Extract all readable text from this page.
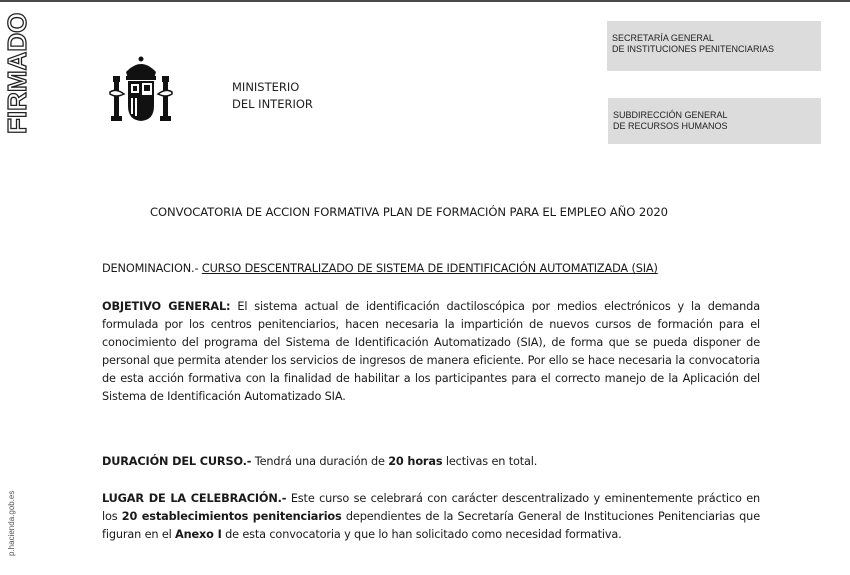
FIRMADO
p.hacienda.gob.es
MINISTERIO
DEL INTERIOR
SECRETARÍA GENERAL
DE INSTITUCIONES PENITENCIARIAS
SUBDIRECCIÓN GENERAL
DE RECURSOS HUMANOS
CONVOCATORIA DE ACCION FORMATIVA PLAN DE FORMACIÓN PARA EL EMPLEO AÑO 2020
DENOMINACION.- CURSO DESCENTRALIZADO DE SISTEMA DE IDENTIFICACIÓN AUTOMATIZADA (SIA)
OBJETIVO GENERAL: El sistema actual de identificación dactiloscópica por medios electrónicos y la demanda formulada por los centros penitenciarios, hacen necesaria la impartición de nuevos cursos de formación para el conocimiento del programa del Sistema de Identificación Automatizado (SIA), de forma que se pueda disponer de personal que permita atender los servicios de ingresos de manera eficiente. Por ello se hace necesaria la convocatoria de esta acción formativa con la finalidad de habilitar a los participantes para el correcto manejo de la Aplicación del Sistema de Identificación Automatizado SIA.
DURACIÓN DEL CURSO.- Tendrá una duración de 20 horas lectivas en total.
LUGAR DE LA CELEBRACIÓN.- Este curso se celebrará con carácter descentralizado y eminentemente práctico en los 20 establecimientos penitenciarios dependientes de la Secretaría General de Instituciones Penitenciarias que figuran en el Anexo I de esta convocatoria y que lo han solicitado como necesidad formativa.
